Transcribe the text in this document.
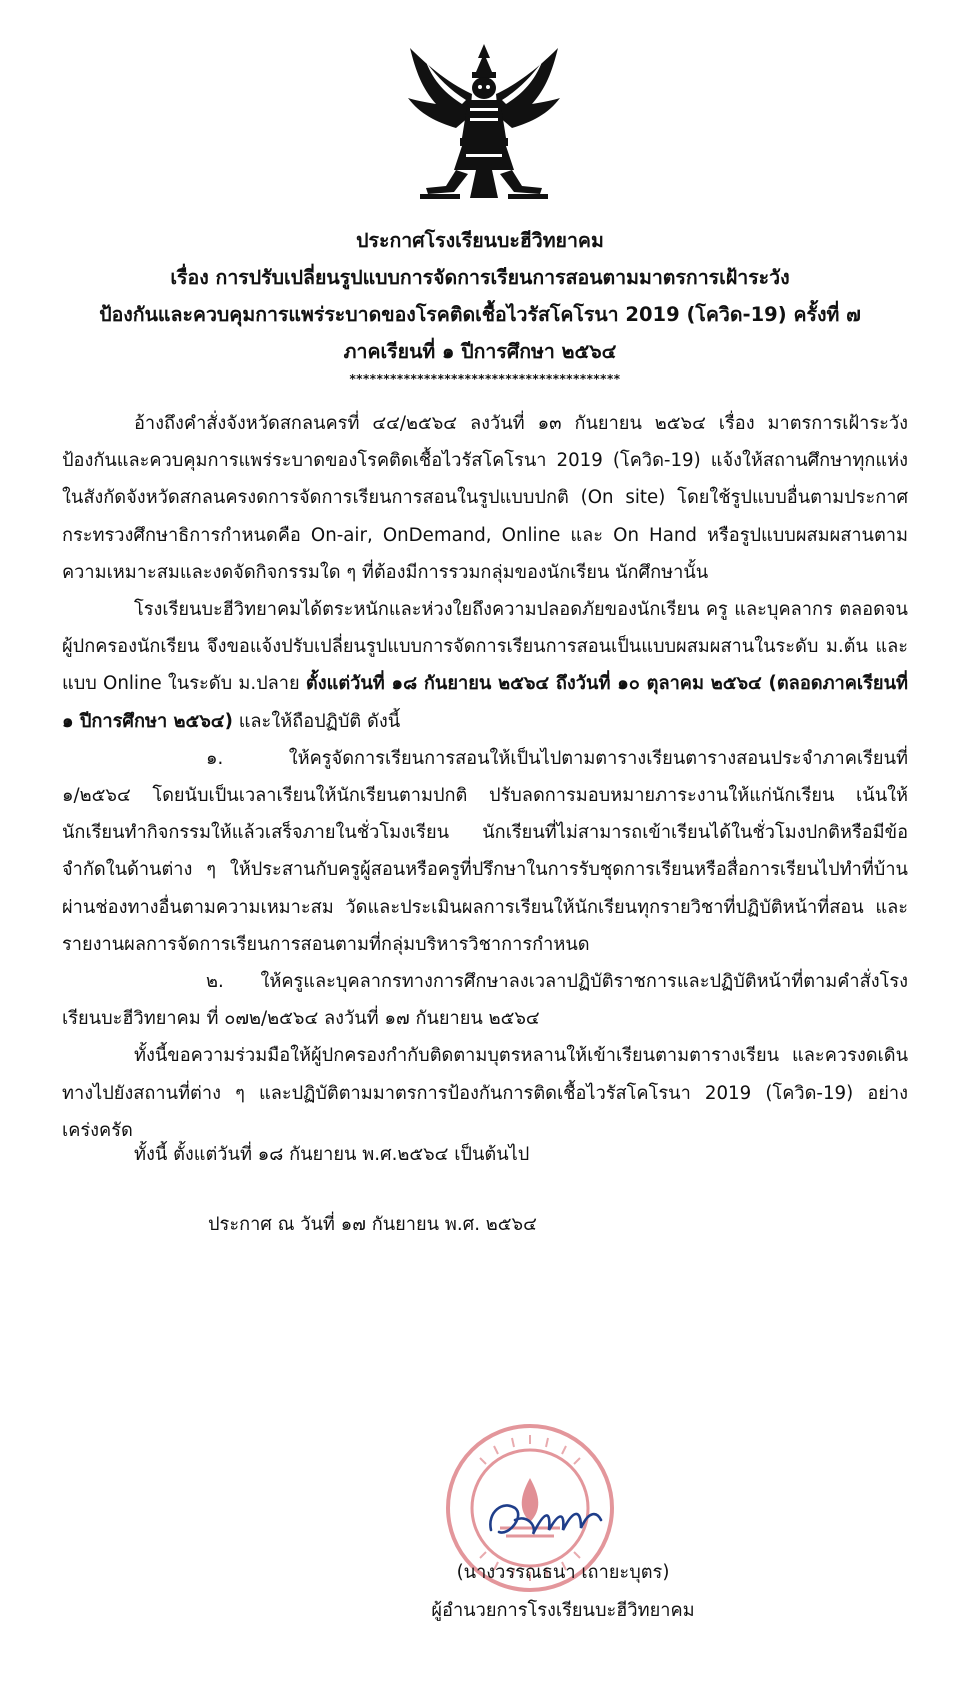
ประกาศโรงเรียนบะฮีวิทยาคม
เรื่อง การปรับเปลี่ยนรูปแบบการจัดการเรียนการสอนตามมาตรการเฝ้าระวัง
ป้องกันและควบคุมการแพร่ระบาดของโรคติดเชื้อไวรัสโคโรนา 2019 (โควิด-19) ครั้งที่ ๗
ภาคเรียนที่ ๑ ปีการศึกษา ๒๕๖๔
****************************************

อ้างถึงคำสั่งจังหวัดสกลนครที่ ๔๔/๒๕๖๔ ลงวันที่ ๑๓ กันยายน ๒๕๖๔ เรื่อง มาตรการเฝ้าระวัง ป้องกันและควบคุมการแพร่ระบาดของโรคติดเชื้อไวรัสโคโรนา 2019 (โควิด-19) แจ้งให้สถานศึกษาทุกแห่งในสังกัดจังหวัดสกลนครงดการจัดการเรียนการสอนในรูปแบบปกติ (On site) โดยใช้รูปแบบอื่นตามประกาศกระทรวงศึกษาธิการกำหนดคือ On-air, OnDemand, Online และ On Hand หรือรูปแบบผสมผสานตามความเหมาะสมและงดจัดกิจกรรมใด ๆ ที่ต้องมีการรวมกลุ่มของนักเรียน นักศึกษานั้น

โรงเรียนบะฮีวิทยาคมได้ตระหนักและห่วงใยถึงความปลอดภัยของนักเรียน ครู และบุคลากร ตลอดจนผู้ปกครองนักเรียน จึงขอแจ้งปรับเปลี่ยนรูปแบบการจัดการเรียนการสอนเป็นแบบผสมผสานในระดับ ม.ต้น และแบบ Online ในระดับ ม.ปลาย ตั้งแต่วันที่ ๑๘ กันยายน ๒๕๖๔ ถึงวันที่ ๑๐ ตุลาคม ๒๕๖๔ (ตลอดภาคเรียนที่ ๑ ปีการศึกษา ๒๕๖๔) และให้ถือปฏิบัติ ดังนี้

๑. ให้ครูจัดการเรียนการสอนให้เป็นไปตามตารางเรียนตารางสอนประจำภาคเรียนที่ ๑/๒๕๖๔ โดยนับเป็นเวลาเรียนให้นักเรียนตามปกติ ปรับลดการมอบหมายภาระงานให้แก่นักเรียน เน้นให้นักเรียนทำกิจกรรมให้แล้วเสร็จภายในชั่วโมงเรียน นักเรียนที่ไม่สามารถเข้าเรียนได้ในชั่วโมงปกติหรือมีข้อจำกัดในด้านต่าง ๆ ให้ประสานกับครูผู้สอนหรือครูที่ปรึกษาในการรับชุดการเรียนหรือสื่อการเรียนไปทำที่บ้านผ่านช่องทางอื่นตามความเหมาะสม วัดและประเมินผลการเรียนให้นักเรียนทุกรายวิชาที่ปฏิบัติหน้าที่สอน และรายงานผลการจัดการเรียนการสอนตามที่กลุ่มบริหารวิชาการกำหนด

๒. ให้ครูและบุคลากรทางการศึกษาลงเวลาปฏิบัติราชการและปฏิบัติหน้าที่ตามคำสั่งโรงเรียนบะฮีวิทยาคม ที่ ๐๗๒/๒๕๖๔ ลงวันที่ ๑๗ กันยายน ๒๕๖๔

ทั้งนี้ขอความร่วมมือให้ผู้ปกครองกำกับติดตามบุตรหลานให้เข้าเรียนตามตารางเรียน และควรงดเดินทางไปยังสถานที่ต่าง ๆ และปฏิบัติตามมาตรการป้องกันการติดเชื้อไวรัสโคโรนา 2019 (โควิด-19) อย่างเคร่งครัด

ทั้งนี้ ตั้งแต่วันที่ ๑๘ กันยายน พ.ศ.๒๕๖๔ เป็นต้นไป
ประกาศ ณ วันที่ ๑๗ กันยายน พ.ศ. ๒๕๖๔
(นางวรรณธนา เถายะบุตร)
ผู้อำนวยการโรงเรียนบะฮีวิทยาคม
